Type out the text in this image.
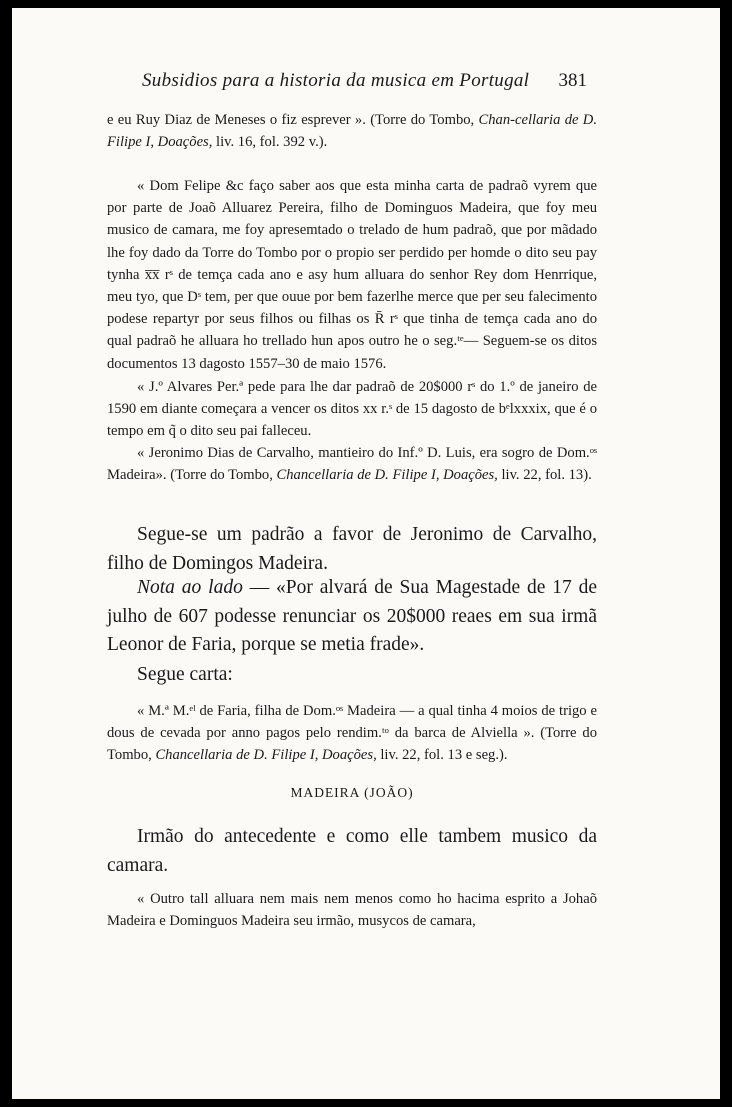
Subsidios para a historia da musica em Portugal 381

e eu Ruy Diaz de Meneses o fiz esprever ». (Torre do Tombo, Chan-cellaria de D. Filipe I, Doações, liv. 16, fol. 392 v.).

« Dom Felipe &c faço saber aos que esta minha carta de padraõ vyrem que por parte de Joaõ Alluarez Pereira, filho de Dominguos Madeira, que foy meu musico de camara, me foy apresemtado o trelado de hum padraõ, que por mãdado lhe foy dado da Torre do Tombo por o propio ser perdido per homde o dito seu pay tynha x̅x̅ rˢ de temça cada ano e asy hum alluara do senhor Rey dom Henrrique, meu tyo, que Dˢ tem, per que ouue por bem fazerlhe merce que per seu falecimento podese repartyr por seus filhos ou filhas os R̄ rˢ que tinha de temça cada ano do qual padraõ he alluara ho trellado hun apos outro he o seg.ᵗᵉ— Seguem-se os ditos documentos 13 dagosto 1557–30 de maio 1576.

« J.º Alvares Per.ª pede para lhe dar padraõ de 20$000 rˢ do 1.º de janeiro de 1590 em diante começara a vencer os ditos xx r.ˢ de 15 dagosto de bᵉlxxxix, que é o tempo em q̃ o dito seu pai falleceu.

« Jeronimo Dias de Carvalho, mantieiro do Inf.º D. Luis, era sogro de Dom.ᵒˢ Madeira». (Torre do Tombo, Chancellaria de D. Filipe I, Doações, liv. 22, fol. 13).

Segue-se um padrão a favor de Jeronimo de Carvalho, filho de Domingos Madeira.

Nota ao lado — «Por alvará de Sua Magestade de 17 de julho de 607 podesse renunciar os 20$000 reaes em sua irmã Leonor de Faria, porque se metia frade».

Segue carta:

« M.ª M.ᵉˡ de Faria, filha de Dom.ᵒˢ Madeira — a qual tinha 4 moios de trigo e dous de cevada por anno pagos pelo rendim.ᵗᵒ da barca de Alviella ». (Torre do Tombo, Chancellaria de D. Filipe I, Doações, liv. 22, fol. 13 e seg.).

MADEIRA (JOÃO)

Irmão do antecedente e como elle tambem musico da camara.

« Outro tall alluara nem mais nem menos como ho hacima esprito a Johaõ Madeira e Dominguos Madeira seu irmão, musycos de camara,
